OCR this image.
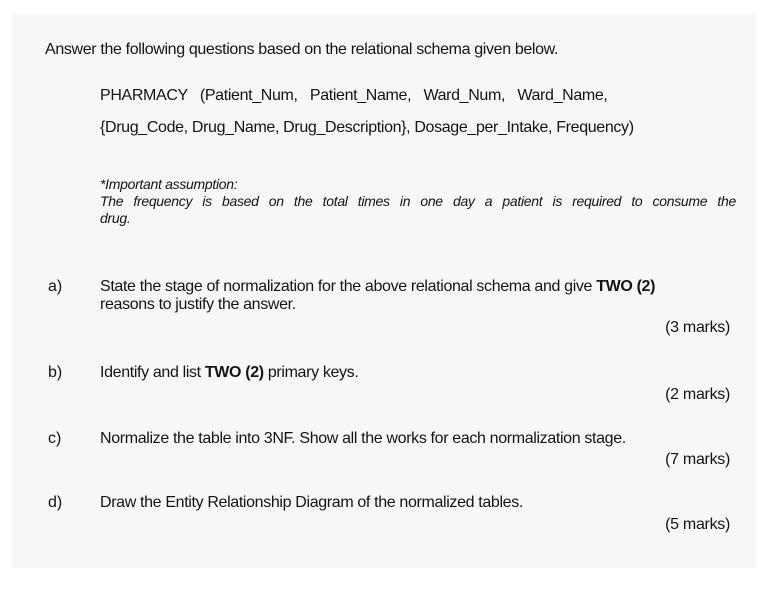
Answer the following questions based on the relational schema given below.
PHARMACY   (Patient_Num,   Patient_Name,   Ward_Num,   Ward_Name,
{Drug_Code, Drug_Name, Drug_Description}, Dosage_per_Intake, Frequency)
*Important assumption:
The frequency is based on the total times in one day a patient is required to consume the
drug.
a) State the stage of normalization for the above relational schema and give TWO (2)
reasons to justify the answer.
(3 marks)
b) Identify and list TWO (2) primary keys.
(2 marks)
c) Normalize the table into 3NF. Show all the works for each normalization stage.
(7 marks)
d) Draw the Entity Relationship Diagram of the normalized tables.
(5 marks)
